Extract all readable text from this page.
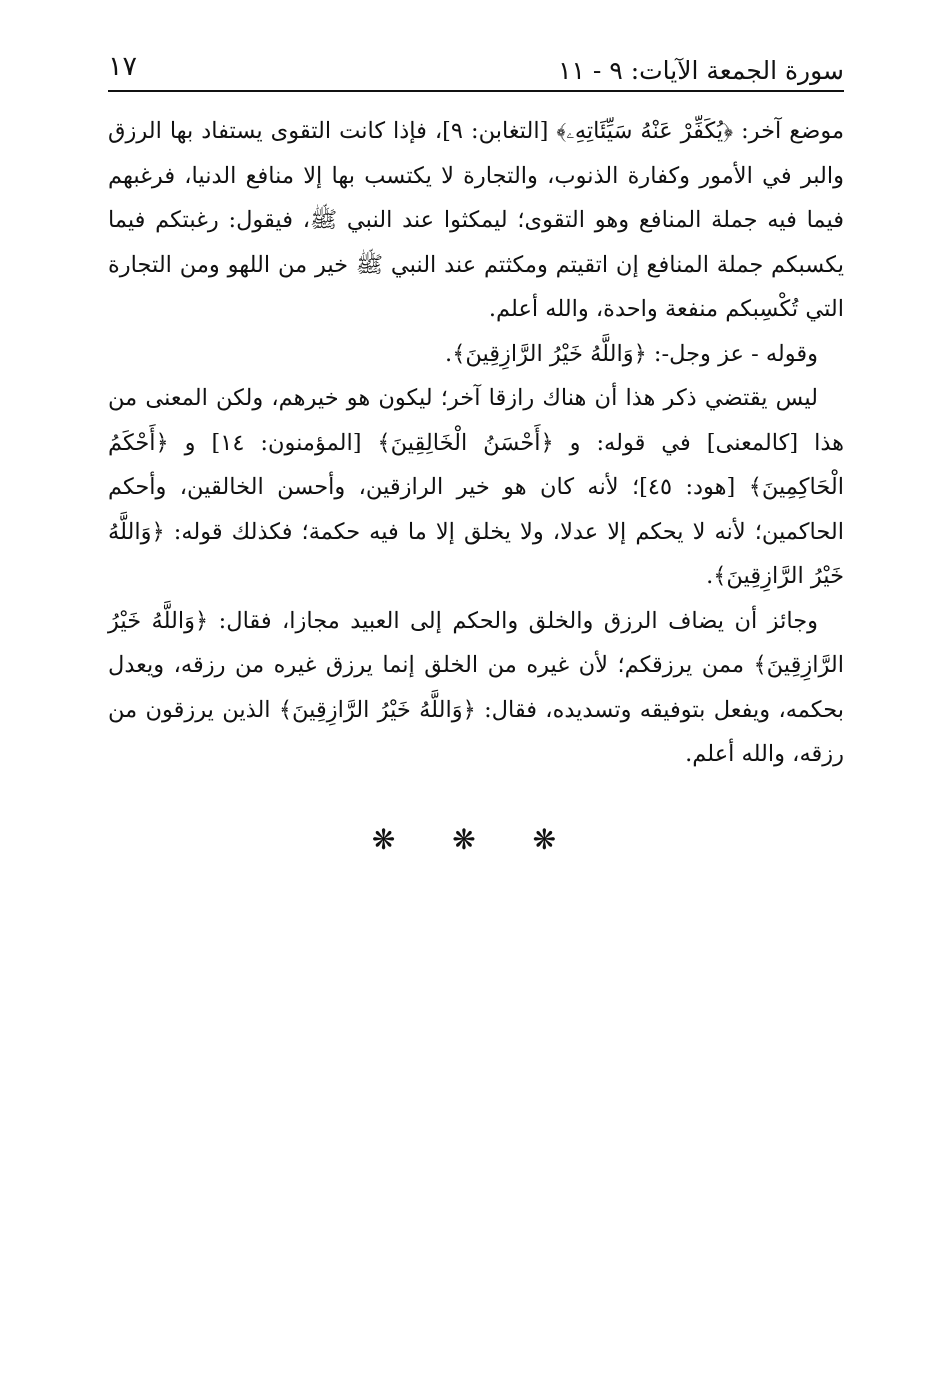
سورة الجمعة الآيات: ٩ - ١١
١٧

موضع آخر: ﴿يُكَفِّرْ عَنْهُ سَيِّئَاتِهِۦ﴾ [التغابن: ٩]، فإذا كانت التقوى يستفاد بها الرزق والبر في الأمور وكفارة الذنوب، والتجارة لا يكتسب بها إلا منافع الدنيا، فرغبهم فيما فيه جملة المنافع وهو التقوى؛ ليمكثوا عند النبي ﷺ، فيقول: رغبتكم فيما يكسبكم جملة المنافع إن اتقيتم ومكثتم عند النبي ﷺ خير من اللهو ومن التجارة التي تُكْسِبكم منفعة واحدة، والله أعلم.

وقوله - عز وجل-: ﴿وَاللَّهُ خَيْرُ الرَّازِقِينَ﴾.

ليس يقتضي ذكر هذا أن هناك رازقا آخر؛ ليكون هو خيرهم، ولكن المعنى من هذا [كالمعنى] في قوله: و ﴿أَحْسَنُ الْخَالِقِينَ﴾ [المؤمنون: ١٤] و ﴿أَحْكَمُ الْحَاكِمِينَ﴾ [هود: ٤٥]؛ لأنه كان هو خير الرازقين، وأحسن الخالقين، وأحكم الحاكمين؛ لأنه لا يحكم إلا عدلا، ولا يخلق إلا ما فيه حكمة؛ فكذلك قوله: ﴿وَاللَّهُ خَيْرُ الرَّازِقِينَ﴾.

وجائز أن يضاف الرزق والخلق والحكم إلى العبيد مجازا، فقال: ﴿وَاللَّهُ خَيْرُ الرَّازِقِينَ﴾ ممن يرزقكم؛ لأن غيره من الخلق إنما يرزق غيره من رزقه، ويعدل بحكمه، ويفعل بتوفيقه وتسديده، فقال: ﴿وَاللَّهُ خَيْرُ الرَّازِقِينَ﴾ الذين يرزقون من رزقه، والله أعلم.

❋ ❋ ❋
